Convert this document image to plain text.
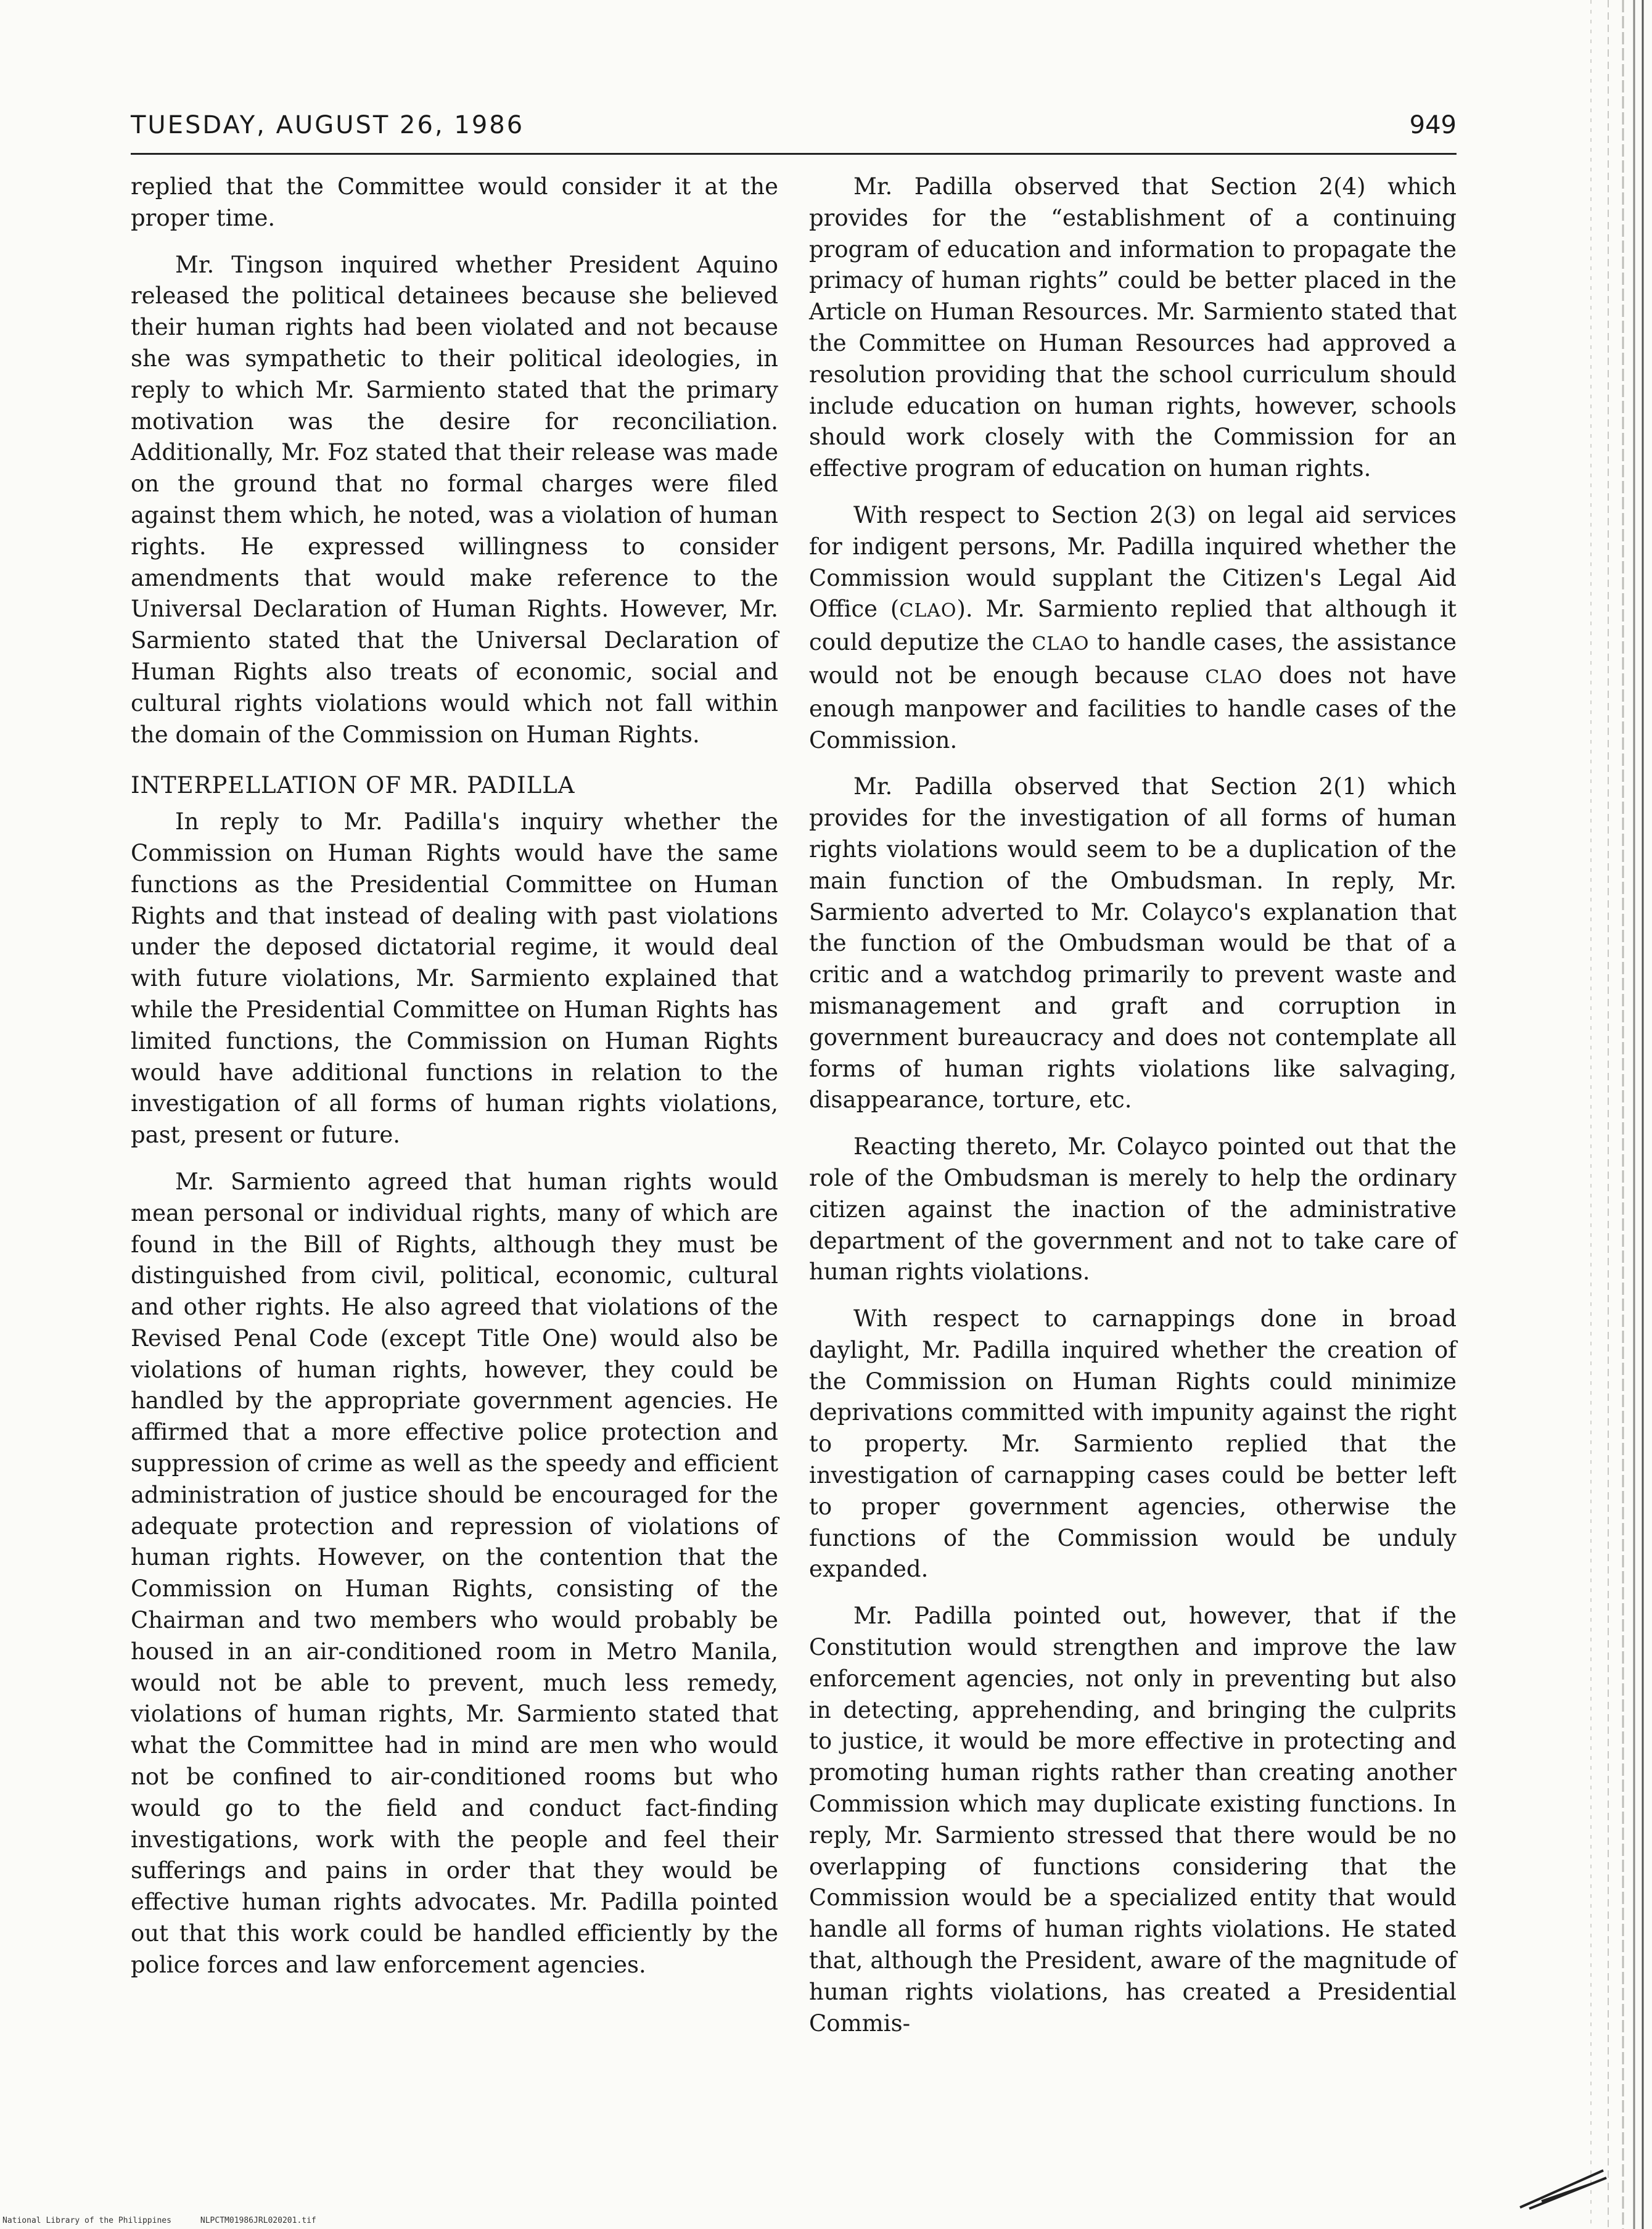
TUESDAY, AUGUST 26, 1986	949

replied that the Committee would consider it at the proper time.

Mr. Tingson inquired whether President Aquino released the political detainees because she believed their human rights had been violated and not because she was sympathetic to their political ideologies, in reply to which Mr. Sarmiento stated that the primary motivation was the desire for reconciliation. Additionally, Mr. Foz stated that their release was made on the ground that no formal charges were filed against them which, he noted, was a violation of human rights. He expressed willingness to consider amendments that would make reference to the Universal Declaration of Human Rights. However, Mr. Sarmiento stated that the Universal Declaration of Human Rights also treats of economic, social and cultural rights violations would which not fall within the domain of the Commission on Human Rights.

INTERPELLATION OF MR. PADILLA

In reply to Mr. Padilla's inquiry whether the Commission on Human Rights would have the same functions as the Presidential Committee on Human Rights and that instead of dealing with past violations under the deposed dictatorial regime, it would deal with future violations, Mr. Sarmiento explained that while the Presidential Committee on Human Rights has limited functions, the Commission on Human Rights would have additional functions in relation to the investigation of all forms of human rights violations, past, present or future.

Mr. Sarmiento agreed that human rights would mean personal or individual rights, many of which are found in the Bill of Rights, although they must be distinguished from civil, political, economic, cultural and other rights. He also agreed that violations of the Revised Penal Code (except Title One) would also be violations of human rights, however, they could be handled by the appropriate government agencies. He affirmed that a more effective police protection and suppression of crime as well as the speedy and efficient administration of justice should be encouraged for the adequate protection and repression of violations of human rights. However, on the contention that the Commission on Human Rights, consisting of the Chairman and two members who would probably be housed in an air-conditioned room in Metro Manila, would not be able to prevent, much less remedy, violations of human rights, Mr. Sarmiento stated that what the Committee had in mind are men who would not be confined to air-conditioned rooms but who would go to the field and conduct fact-finding investigations, work with the people and feel their sufferings and pains in order that they would be effective human rights advocates. Mr. Padilla pointed out that this work could be handled efficiently by the police forces and law enforcement agencies.

Mr. Padilla observed that Section 2(4) which provides for the “establishment of a continuing program of education and information to propagate the primacy of human rights” could be better placed in the Article on Human Resources. Mr. Sarmiento stated that the Committee on Human Resources had approved a resolution providing that the school curriculum should include education on human rights, however, schools should work closely with the Commission for an effective program of education on human rights.

With respect to Section 2(3) on legal aid services for indigent persons, Mr. Padilla inquired whether the Commission would supplant the Citizen's Legal Aid Office (CLAO). Mr. Sarmiento replied that although it could deputize the CLAO to handle cases, the assistance would not be enough because CLAO does not have enough manpower and facilities to handle cases of the Commission.

Mr. Padilla observed that Section 2(1) which provides for the investigation of all forms of human rights violations would seem to be a duplication of the main function of the Ombudsman. In reply, Mr. Sarmiento adverted to Mr. Colayco's explanation that the function of the Ombudsman would be that of a critic and a watchdog primarily to prevent waste and mismanagement and graft and corruption in government bureaucracy and does not contemplate all forms of human rights violations like salvaging, disappearance, torture, etc.

Reacting thereto, Mr. Colayco pointed out that the role of the Ombudsman is merely to help the ordinary citizen against the inaction of the administrative department of the government and not to take care of human rights violations.

With respect to carnappings done in broad daylight, Mr. Padilla inquired whether the creation of the Commission on Human Rights could minimize deprivations committed with impunity against the right to property. Mr. Sarmiento replied that the investigation of carnapping cases could be better left to proper government agencies, otherwise the functions of the Commission would be unduly expanded.

Mr. Padilla pointed out, however, that if the Constitution would strengthen and improve the law enforcement agencies, not only in preventing but also in detecting, apprehending, and bringing the culprits to justice, it would be more effective in protecting and promoting human rights rather than creating another Commission which may duplicate existing functions. In reply, Mr. Sarmiento stressed that there would be no overlapping of functions considering that the Commission would be a specialized entity that would handle all forms of human rights violations. He stated that, although the President, aware of the magnitude of human rights violations, has created a Presidential Commis-

National Library of the Philippines	NLPCTM01986JRL020201.tif
